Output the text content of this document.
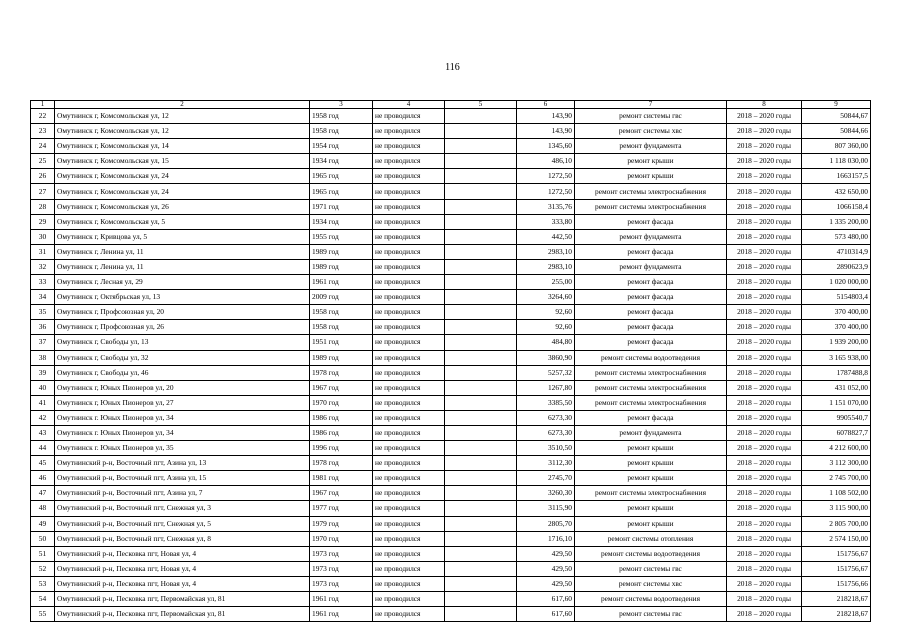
116
1	2	3	4	5	6	7	8	9
22	Омутнинск г, Комсомольская ул, 12	1958 год	не проводился		143,90	ремонт системы гвс	2018 – 2020 годы	50844,67
23	Омутнинск г, Комсомольская ул, 12	1958 год	не проводился		143,90	ремонт системы хвс	2018 – 2020 годы	50844,66
24	Омутнинск г, Комсомольская ул, 14	1954 год	не проводился		1345,60	ремонт фундамента	2018 – 2020 годы	807 360,00
25	Омутнинск г, Комсомольская ул, 15	1934 год	не проводился		486,10	ремонт крыши	2018 – 2020 годы	1 118 030,00
26	Омутнинск г, Комсомольская ул, 24	1965 год	не проводился		1272,50	ремонт крыши	2018 – 2020 годы	1663157,5
27	Омутнинск г, Комсомольская ул, 24	1965 год	не проводился		1272,50	ремонт системы электроснабжения	2018 – 2020 годы	432 650,00
28	Омутнинск г, Комсомольская ул, 26	1971 год	не проводился		3135,76	ремонт системы электроснабжения	2018 – 2020 годы	1066158,4
29	Омутнинск г, Комсомольская ул, 5	1934 год	не проводился		333,80	ремонт фасада	2018 – 2020 годы	1 335 200,00
30	Омутнинск г, Кривцова ул, 5	1955 год	не проводился		442,50	ремонт фундамента	2018 – 2020 годы	573 480,00
31	Омутнинск г, Ленина ул, 11	1989 год	не проводился		2983,10	ремонт фасада	2018 – 2020 годы	4710314,9
32	Омутнинск г, Ленина ул, 11	1989 год	не проводился		2983,10	ремонт фундамента	2018 – 2020 годы	2890623,9
33	Омутнинск г, Лесная ул, 29	1961 год	не проводился		255,00	ремонт фасада	2018 – 2020 годы	1 020 000,00
34	Омутнинск г, Октябрьская ул, 13	2009 год	не проводился		3264,60	ремонт фасада	2018 – 2020 годы	5154803,4
35	Омутнинск г, Профсоюзная ул, 20	1958 год	не проводился		92,60	ремонт фасада	2018 – 2020 годы	370 400,00
36	Омутнинск г, Профсоюзная ул, 26	1958 год	не проводился		92,60	ремонт фасада	2018 – 2020 годы	370 400,00
37	Омутнинск г, Свободы ул, 13	1951 год	не проводился		484,80	ремонт фасада	2018 – 2020 годы	1 939 200,00
38	Омутнинск г, Свободы ул, 32	1989 год	не проводился		3860,90	ремонт системы водоотведения	2018 – 2020 годы	3 165 938,00
39	Омутнинск г, Свободы ул, 46	1978 год	не проводился		5257,32	ремонт системы электроснабжения	2018 – 2020 годы	1787488,8
40	Омутнинск г, Юных Пионеров ул, 20	1967 год	не проводился		1267,80	ремонт системы электроснабжения	2018 – 2020 годы	431 052,00
41	Омутнинск г, Юных Пионеров ул, 27	1970 год	не проводился		3385,50	ремонт системы электроснабжения	2018 – 2020 годы	1 151 070,00
42	Омутнинск г. Юных Пионеров ул, 34	1986 год	не проводился		6273,30	ремонт фасада	2018 – 2020 годы	9905540,7
43	Омутнинск г. Юных Пионеров ул, 34	1986 год	не проводился		6273,30	ремонт фундамента	2018 – 2020 годы	6078827,7
44	Омутнинск г. Юных Пионеров ул, 35	1996 год	не проводился		3510,50	ремонт крыши	2018 – 2020 годы	4 212 600,00
45	Омутнинский р-н, Восточный пгт, Азина ул, 13	1978 год	не проводился		3112,30	ремонт крыши	2018 – 2020 годы	3 112 300,00
46	Омутнинский р-н, Восточный пгт, Азина ул, 15	1981 год	не проводился		2745,70	ремонт крыши	2018 – 2020 годы	2 745 700,00
47	Омутнинский р-н, Восточный пгт, Азина ул, 7	1967 год	не проводился		3260,30	ремонт системы электроснабжения	2018 – 2020 годы	1 108 502,00
48	Омутнинский р-н, Восточный пгт, Снежная ул, 3	1977 год	не проводился		3115,90	ремонт крыши	2018 – 2020 годы	3 115 900,00
49	Омутнинский р-н, Восточный пгт, Снежная ул, 5	1979 год	не проводился		2805,70	ремонт крыши	2018 – 2020 годы	2 805 700,00
50	Омутнинский р-н, Восточный пгт, Снежная ул, 8	1970 год	не проводился		1716,10	ремонт системы отопления	2018 – 2020 годы	2 574 150,00
51	Омутнинский р-н, Песковка пгт, Новая ул, 4	1973 год	не проводился		429,50	ремонт системы водоотведения	2018 – 2020 годы	151756,67
52	Омутнинский р-н, Песковка пгт, Новая ул, 4	1973 год	не проводился		429,50	ремонт системы гвс	2018 – 2020 годы	151756,67
53	Омутнинский р-н, Песковка пгт, Новая ул, 4	1973 год	не проводился		429,50	ремонт системы хвс	2018 – 2020 годы	151756,66
54	Омутнинский р-н, Песковка пгт, Первомайская ул, 81	1961 год	не проводился		617,60	ремонт системы водоотведения	2018 – 2020 годы	218218,67
55	Омутнинский р-н, Песковка пгт, Первомайская ул, 81	1961 год	не проводился		617,60	ремонт системы гвс	2018 – 2020 годы	218218,67
